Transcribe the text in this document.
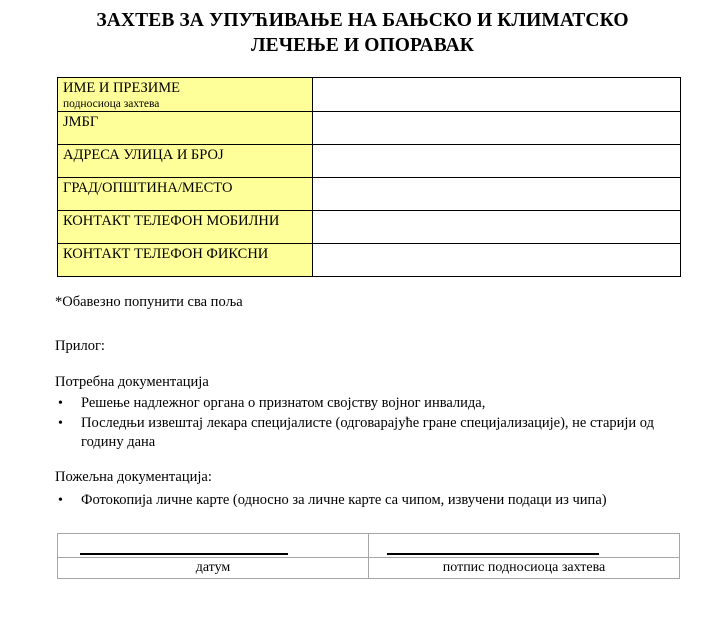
ЗАХТЕВ ЗА УПУЋИВАЊЕ НА БАЊСКО И КЛИМАТСКО
ЛЕЧЕЊЕ И ОПОРАВАК
ИМЕ И ПРЕЗИМЕ
подносиоца захтева	

ЈМБГ	

АДРЕСА УЛИЦА И БРОЈ	

ГРАД/ОПШТИНА/МЕСТО	

КОНТАКТ ТЕЛЕФОН МОБИЛНИ	

КОНТАКТ ТЕЛЕФОН ФИКСНИ	

*Обавезно попунити сва поља
Прилог:
Потребна документација
• Решење надлежног органа о признатом својству војног инвалида,
• Последњи извештај лекара специјалисте (одговарајуће гране специјализације), не старији од годину дана
Пожељна документација:
• Фотокопија личне карте (односно за личне карте са чипом, извучени подаци из чипа)

датум	потпис подносиоца захтева
